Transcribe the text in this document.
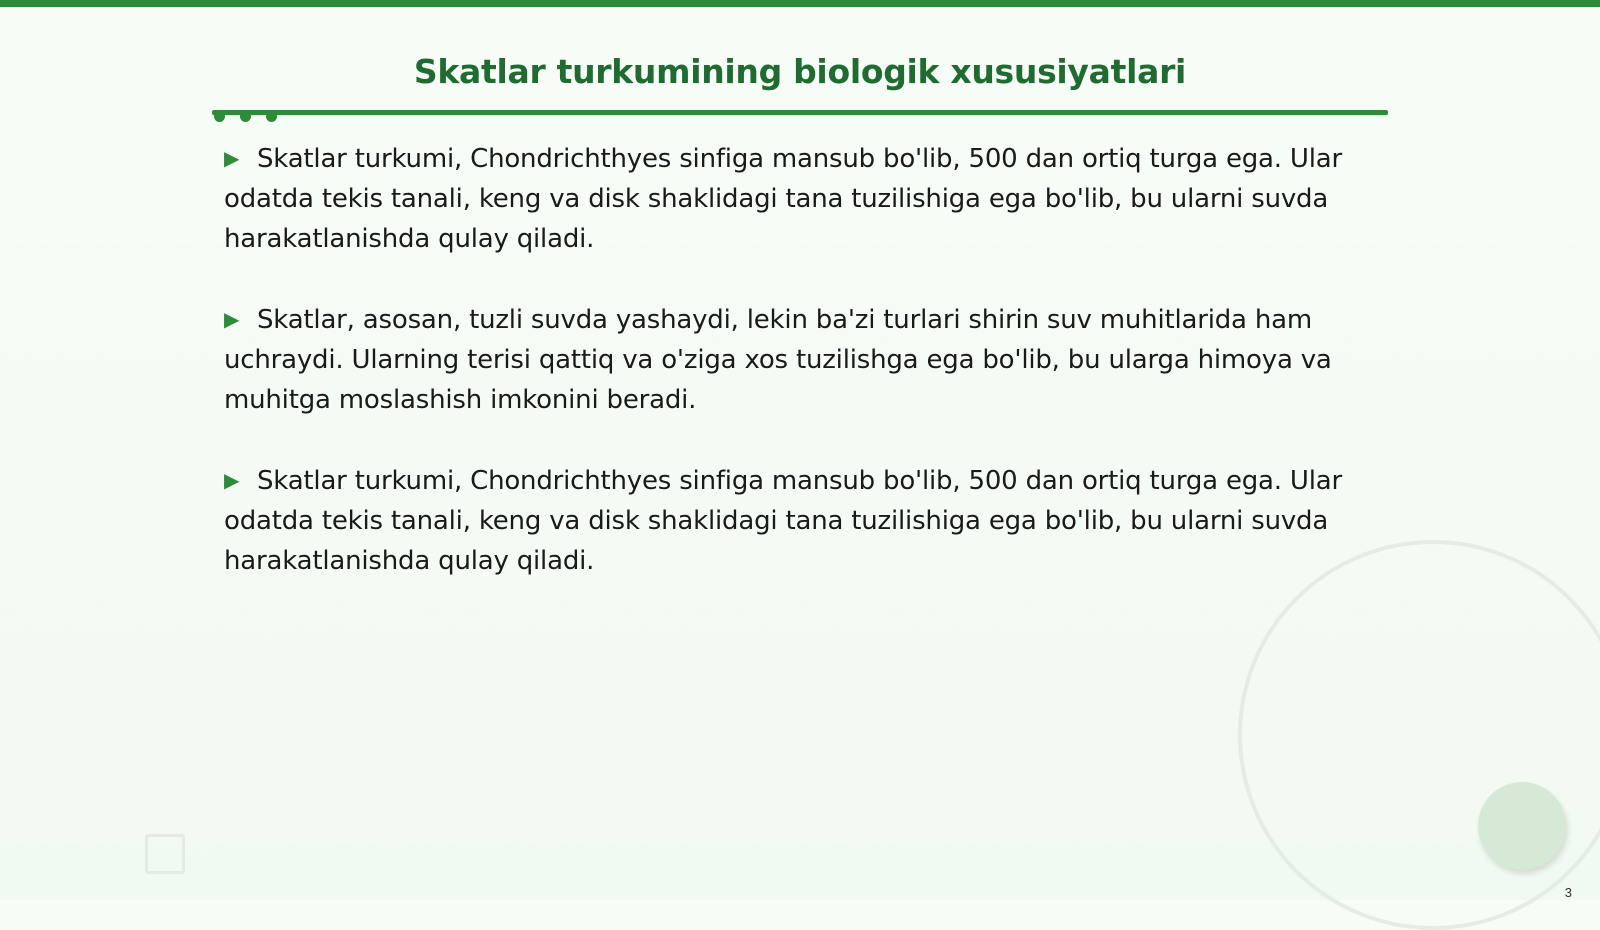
Skatlar turkumining biologik xususiyatlari

▶ Skatlar turkumi, Chondrichthyes sinfiga mansub bo'lib, 500 dan ortiq turga ega. Ular odatda tekis tanali, keng va disk shaklidagi tana tuzilishiga ega bo'lib, bu ularni suvda harakatlanishda qulay qiladi.

▶ Skatlar, asosan, tuzli suvda yashaydi, lekin ba'zi turlari shirin suv muhitlarida ham uchraydi. Ularning terisi qattiq va o'ziga xos tuzilishga ega bo'lib, bu ularga himoya va muhitga moslashish imkonini beradi.

▶ Skatlar turkumi, Chondrichthyes sinfiga mansub bo'lib, 500 dan ortiq turga ega. Ular odatda tekis tanali, keng va disk shaklidagi tana tuzilishiga ega bo'lib, bu ularni suvda harakatlanishda qulay qiladi.

3
